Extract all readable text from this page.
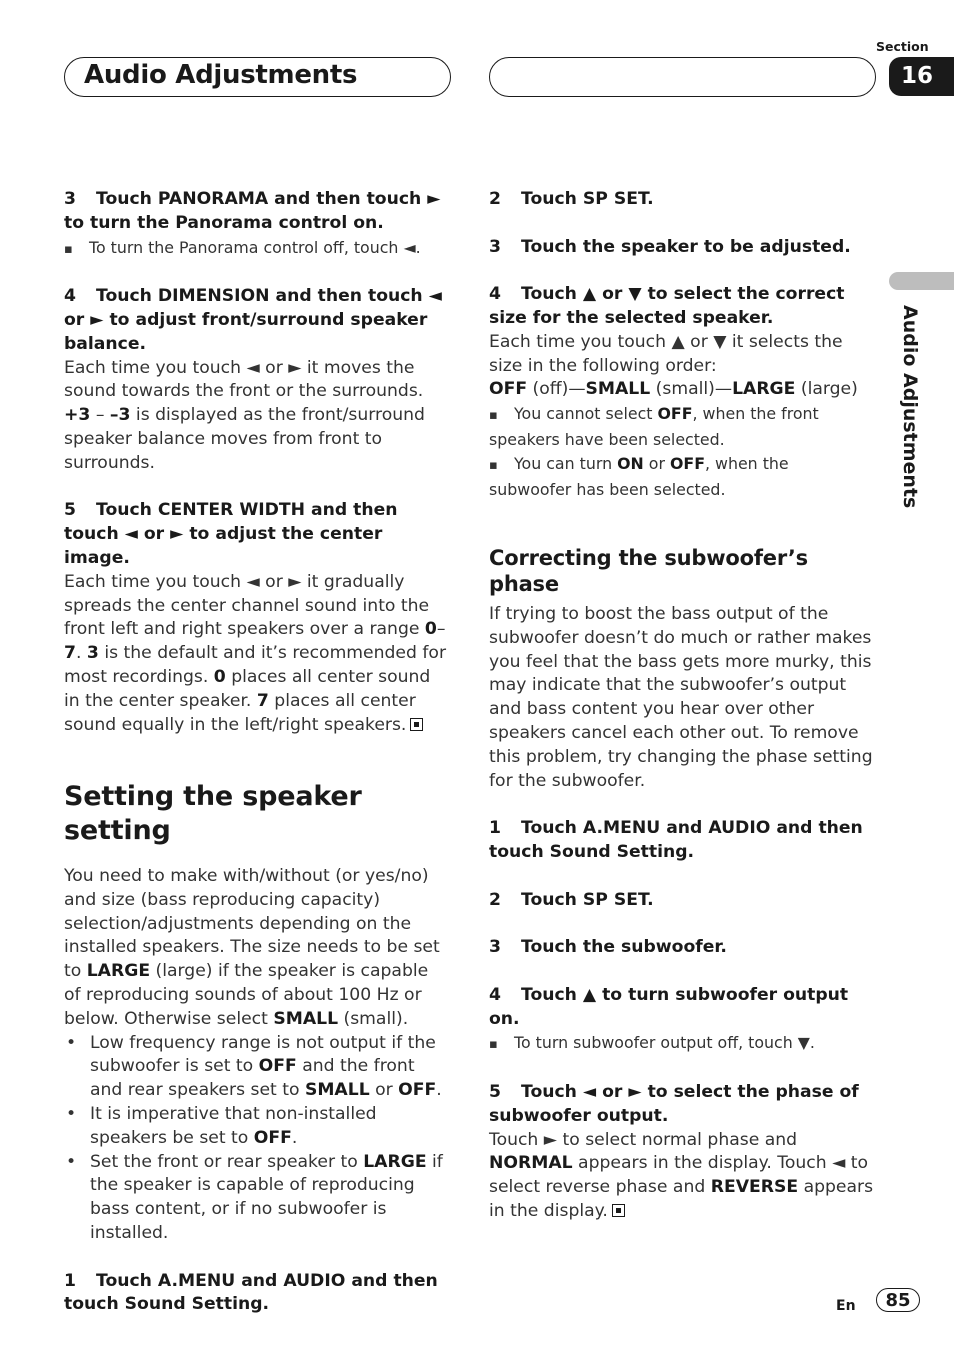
Audio Adjustments
Section
16
Audio Adjustments

3 Touch PANORAMA and then touch ► to turn the Panorama control on.

▪ To turn the Panorama control off, touch ◄.

4 Touch DIMENSION and then touch ◄ or ► to adjust front/surround speaker balance.

Each time you touch ◄ or ► it moves the sound towards the front or the surrounds.
+3 – –3 is displayed as the front/surround speaker balance moves from front to surrounds.

5 Touch CENTER WIDTH and then touch ◄ or ► to adjust the center image.

Each time you touch ◄ or ► it gradually spreads the center channel sound into the front left and right speakers over a range 0–7. 3 is the default and it’s recommended for most recordings. 0 places all center sound in the center speaker. 7 places all center sound equally in the left/right speakers.

Setting the speaker setting

You need to make with/without (or yes/no) and size (bass reproducing capacity) selection/adjustments depending on the installed speakers. The size needs to be set to LARGE (large) if the speaker is capable of reproducing sounds of about 100 Hz or below. Otherwise select SMALL (small).

• Low frequency range is not output if the subwoofer is set to OFF and the front and rear speakers set to SMALL or OFF.

• It is imperative that non-installed speakers be set to OFF.

• Set the front or rear speaker to LARGE if the speaker is capable of reproducing bass content, or if no subwoofer is installed.

1 Touch A.MENU and AUDIO and then touch Sound Setting.

2 Touch SP SET.

3 Touch the speaker to be adjusted.

4 Touch ▲ or ▼ to select the correct size for the selected speaker.

Each time you touch ▲ or ▼ it selects the size in the following order:

OFF (off)—SMALL (small)—LARGE (large)

▪ You cannot select OFF, when the front speakers have been selected.

▪ You can turn ON or OFF, when the subwoofer has been selected.

Correcting the subwoofer’s phase

If trying to boost the bass output of the subwoofer doesn’t do much or rather makes you feel that the bass gets more murky, this may indicate that the subwoofer’s output and bass content you hear over other speakers cancel each other out. To remove this problem, try changing the phase setting for the subwoofer.

1 Touch A.MENU and AUDIO and then touch Sound Setting.

2 Touch SP SET.

3 Touch the subwoofer.

4 Touch ▲ to turn subwoofer output on.

▪ To turn subwoofer output off, touch ▼.

5 Touch ◄ or ► to select the phase of subwoofer output.

Touch ► to select normal phase and NORMAL appears in the display. Touch ◄ to select reverse phase and REVERSE appears in the display.

En	85
